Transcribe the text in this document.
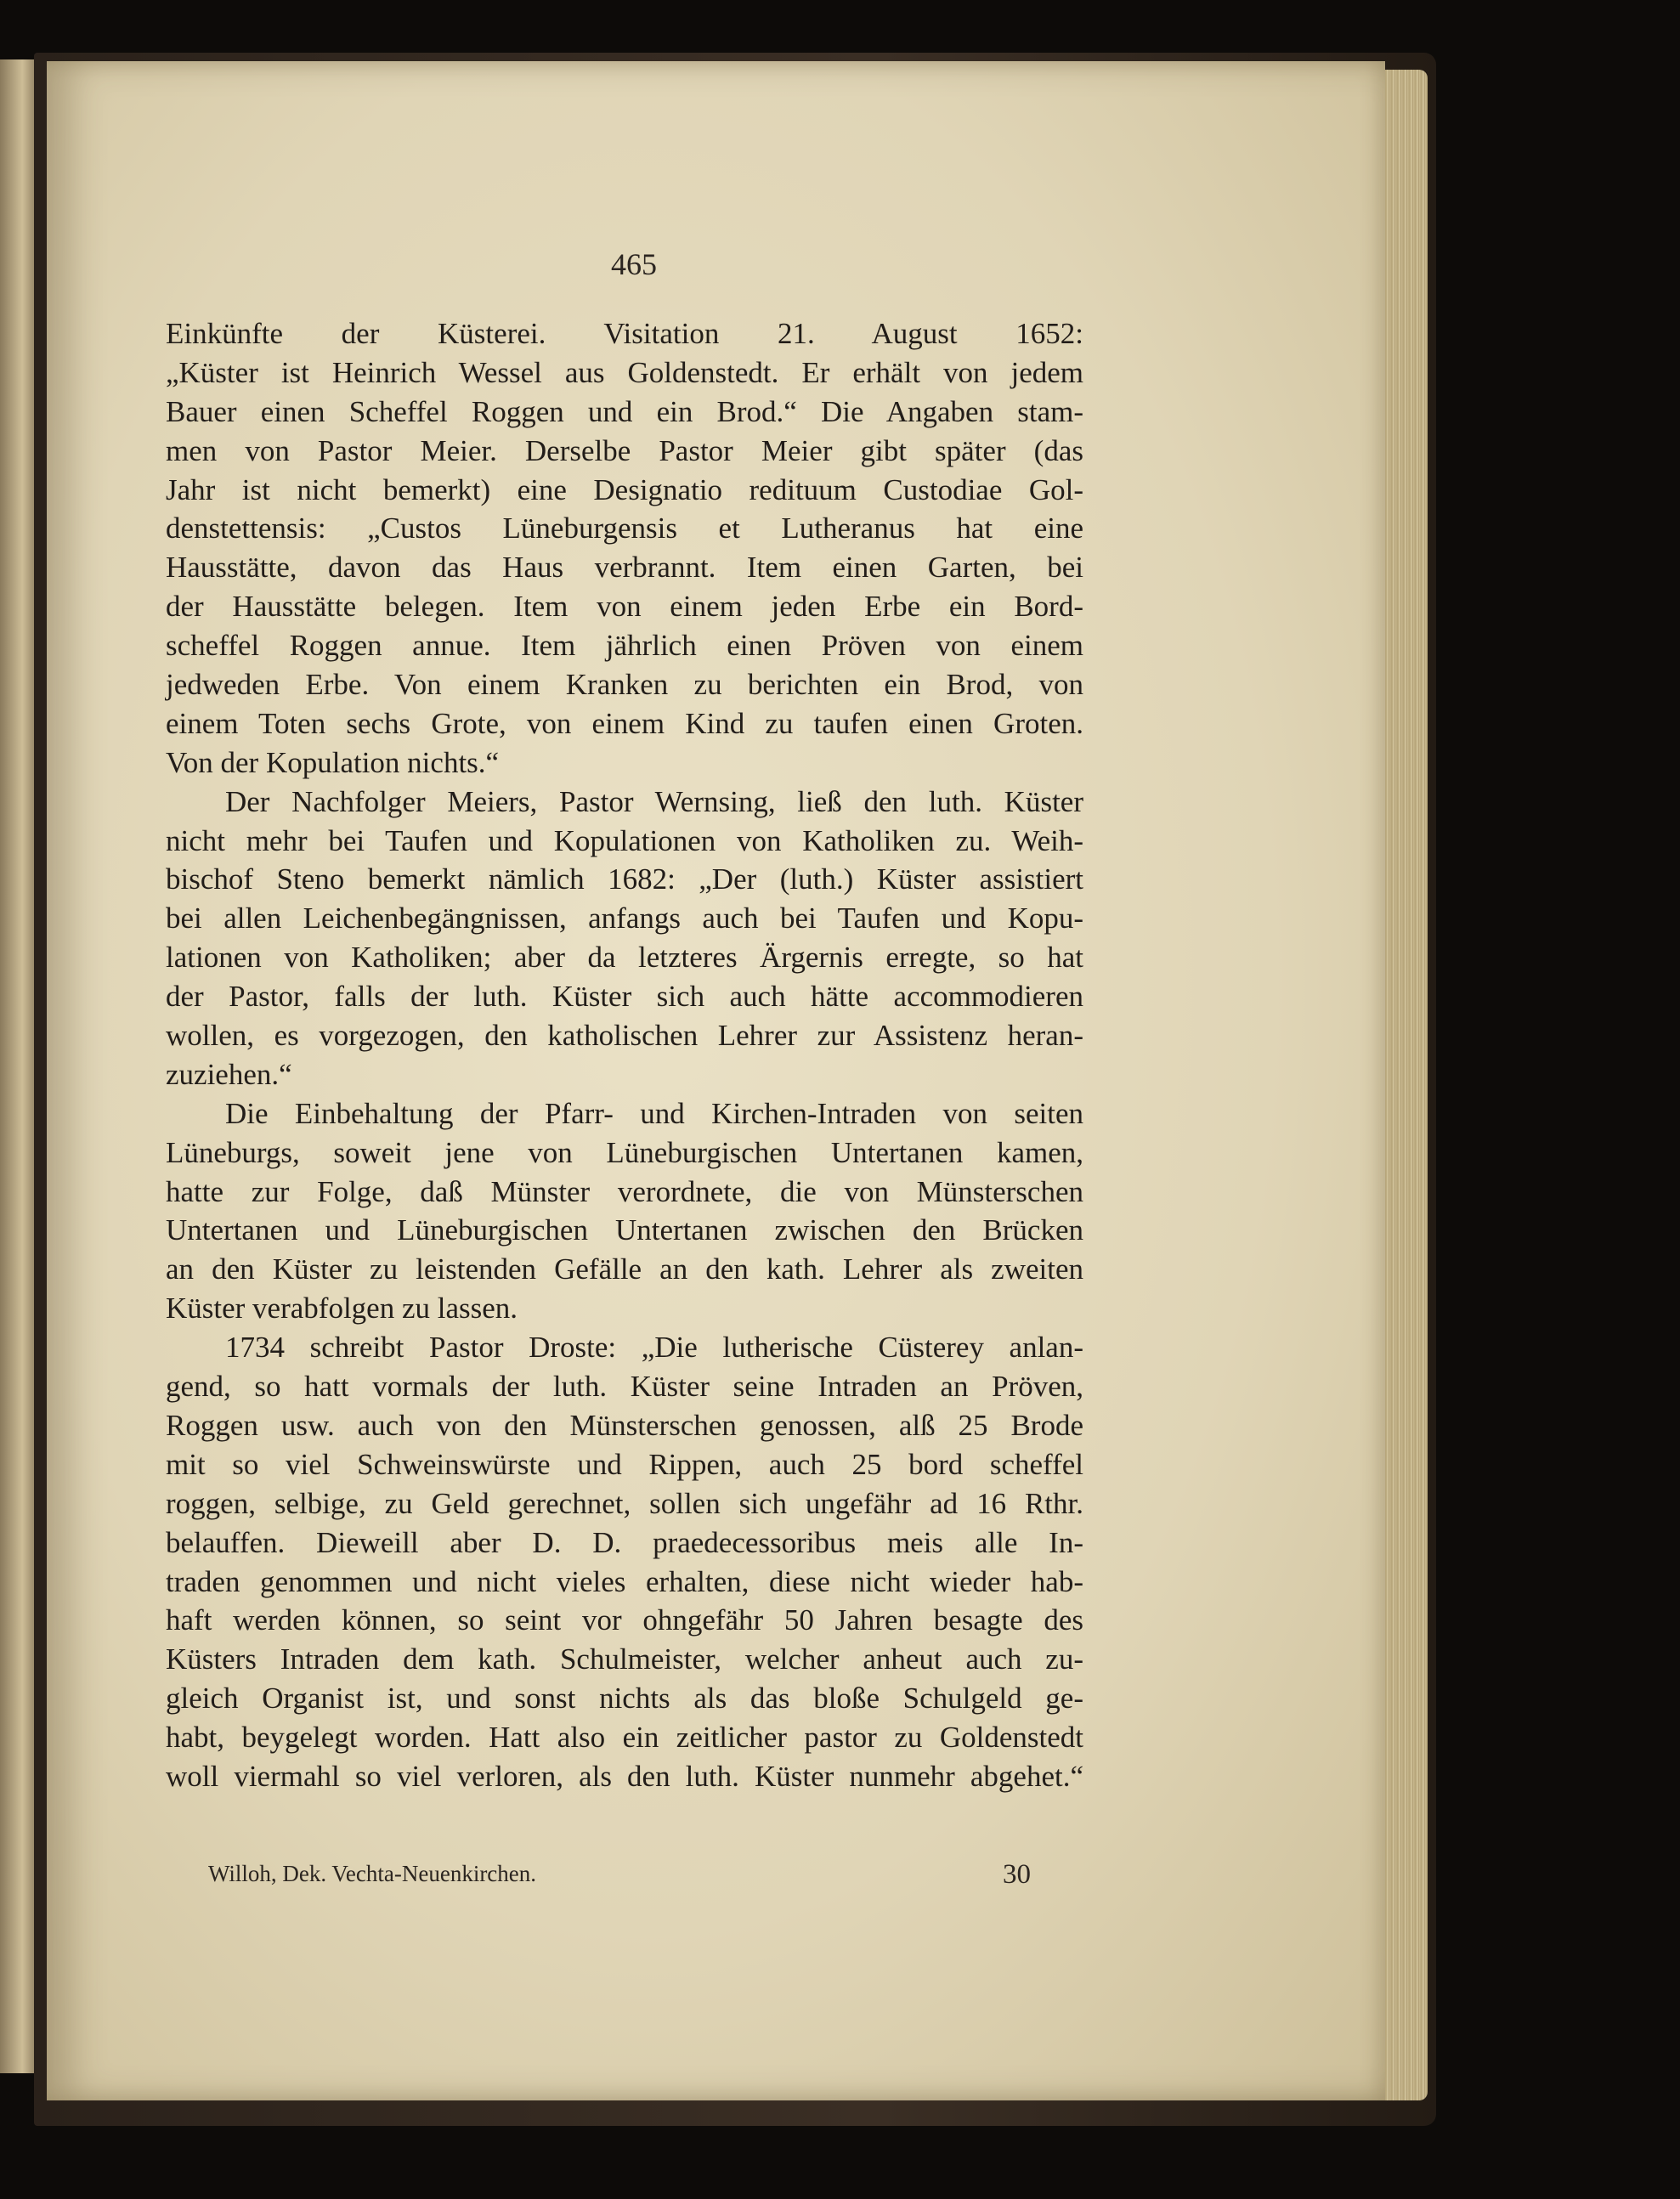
465
Einkünfte der Küsterei. Visitation 21. August 1652:
„Küster ist Heinrich Wessel aus Goldenstedt. Er erhält von jedem
Bauer einen Scheffel Roggen und ein Brod.“ Die Angaben stam-
men von Pastor Meier. Derselbe Pastor Meier gibt später (das
Jahr ist nicht bemerkt) eine Designatio redituum Custodiae Gol-
denstettensis: „Custos Lüneburgensis et Lutheranus hat eine
Hausstätte, davon das Haus verbrannt. Item einen Garten, bei
der Hausstätte belegen. Item von einem jeden Erbe ein Bord-
scheffel Roggen annue. Item jährlich einen Pröven von einem
jedweden Erbe. Von einem Kranken zu berichten ein Brod, von
einem Toten sechs Grote, von einem Kind zu taufen einen Groten.
Von der Kopulation nichts.“
Der Nachfolger Meiers, Pastor Wernsing, ließ den luth. Küster
nicht mehr bei Taufen und Kopulationen von Katholiken zu. Weih-
bischof Steno bemerkt nämlich 1682: „Der (luth.) Küster assistiert
bei allen Leichenbegängnissen, anfangs auch bei Taufen und Kopu-
lationen von Katholiken; aber da letzteres Ärgernis erregte, so hat
der Pastor, falls der luth. Küster sich auch hätte accommodieren
wollen, es vorgezogen, den katholischen Lehrer zur Assistenz heran-
zuziehen.“
Die Einbehaltung der Pfarr- und Kirchen-Intraden von seiten
Lüneburgs, soweit jene von Lüneburgischen Untertanen kamen,
hatte zur Folge, daß Münster verordnete, die von Münsterschen
Untertanen und Lüneburgischen Untertanen zwischen den Brücken
an den Küster zu leistenden Gefälle an den kath. Lehrer als zweiten
Küster verabfolgen zu lassen.
1734 schreibt Pastor Droste: „Die lutherische Cüsterey anlan-
gend, so hatt vormals der luth. Küster seine Intraden an Pröven,
Roggen usw. auch von den Münsterschen genossen, alß 25 Brode
mit so viel Schweinswürste und Rippen, auch 25 bord scheffel
roggen, selbige, zu Geld gerechnet, sollen sich ungefähr ad 16 Rthr.
belauffen. Dieweill aber D. D. praedecessoribus meis alle In-
traden genommen und nicht vieles erhalten, diese nicht wieder hab-
haft werden können, so seint vor ohngefähr 50 Jahren besagte des
Küsters Intraden dem kath. Schulmeister, welcher anheut auch zu-
gleich Organist ist, und sonst nichts als das bloße Schulgeld ge-
habt, beygelegt worden. Hatt also ein zeitlicher pastor zu Goldenstedt
woll viermahl so viel verloren, als den luth. Küster nunmehr abgehet.“
Willoh, Dek. Vechta-Neuenkirchen.	30
